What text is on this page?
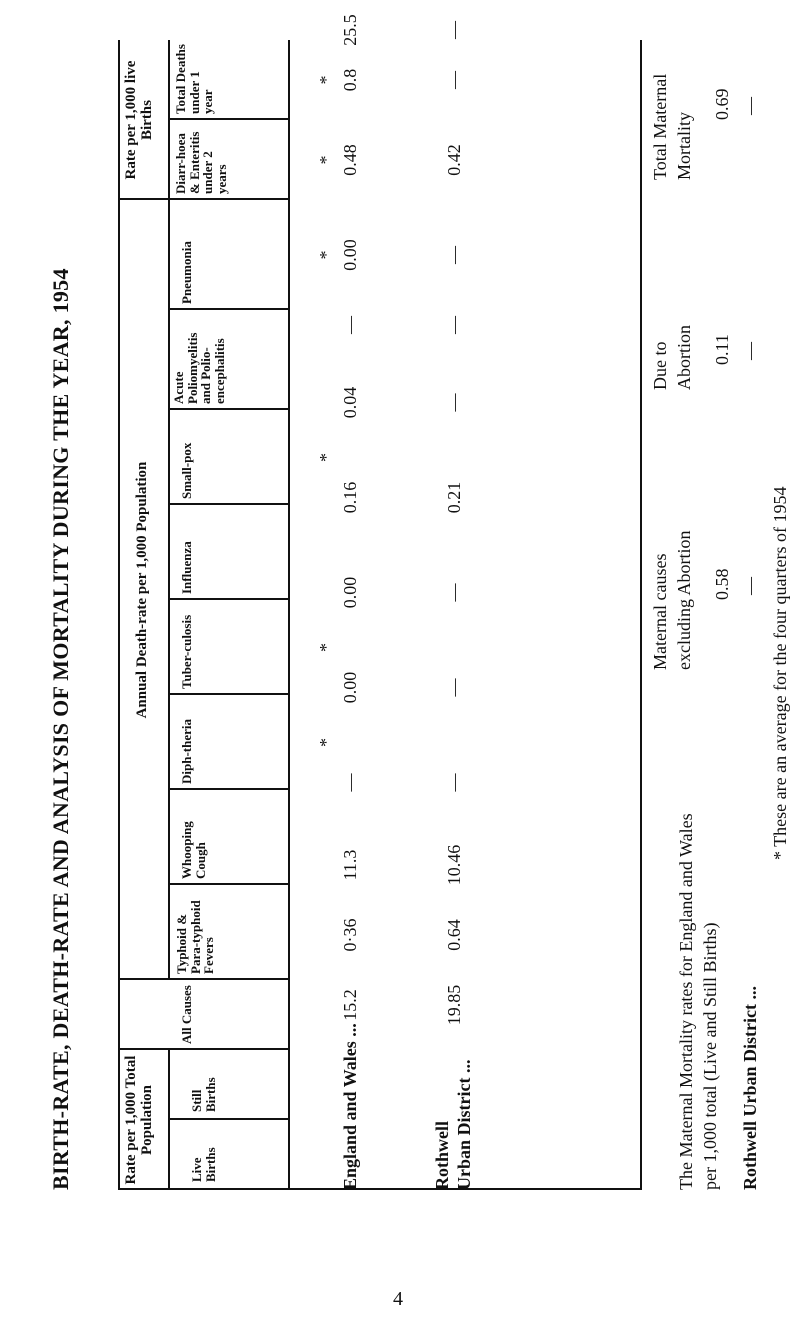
BIRTH-RATE, DEATH-RATE AND ANALYSIS OF MORTALITY DURING THE YEAR, 1954	Rate per 1,000 Total Population
Annual Death-rate per 1,000 Population
Rate per 1,000 live Births
Live Births
Still Births
All Causes
Typhoid & Para-typhoid Fevers
Whooping Cough
Diph-theria
Tuber-culosis
Influenza
Small-pox
Acute Poliomyelitis and Polio-encephalitis
Pneumonia
Diarr-hoea & Enteritis under 2 years
Total Deaths under 1 year
England and Wales ...	Rothwell Urban District ...
*
*
*
*
*
*
15.2
0·36
11.3
—
0.00
0.00
0.16
0.04
—
0.00
0.48
0.8
25.5
19.85
0.64
10.46
—
—
—
0.21
—
—
—
0.42
—
—
The Maternal Mortality rates for England and Wales per 1,000 total (Live and Still Births) Rothwell Urban District ...
Maternal causes excluding Abortion
Due to Abortion
Total Maternal Mortality
0.58
0.11
0.69
—
—
—
* These are an average for the four quarters of 1954
4
